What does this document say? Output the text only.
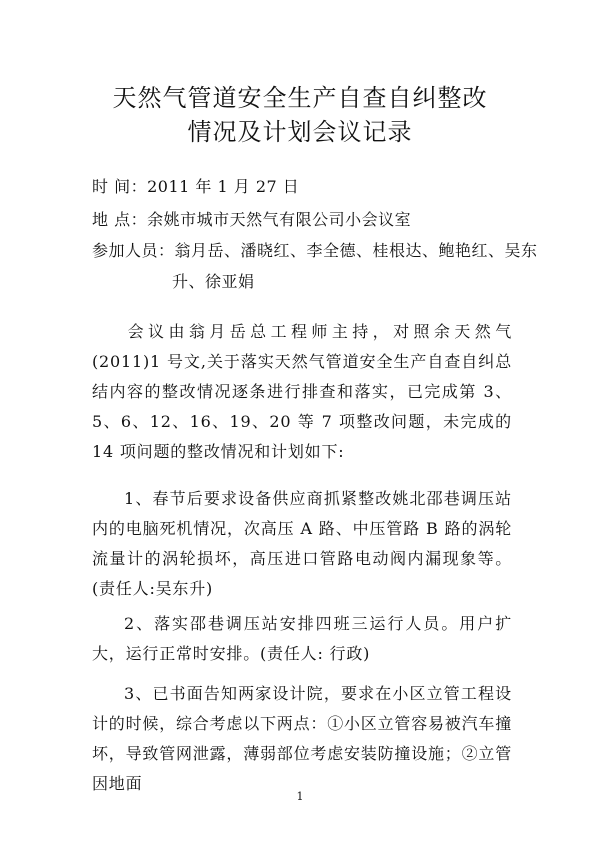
天然气管道安全生产自查自纠整改
情况及计划会议记录
时 间：2011 年 1 月 27 日
地 点：余姚市城市天然气有限公司小会议室
参加人员：翁月岳、潘晓红、李全德、桂根达、鲍艳红、吴东
升、徐亚娟
会议由翁月岳总工程师主持，对照余天然气(2011)1 号文,关于落实天然气管道安全生产自查自纠总结内容的整改情况逐条进行排查和落实，已完成第 3、5、6、12、16、19、20 等 7 项整改问题，未完成的 14 项问题的整改情况和计划如下:
1、春节后要求设备供应商抓紧整改姚北邵巷调压站内的电脑死机情况，次高压 A 路、中压管路 B 路的涡轮流量计的涡轮损坏，高压进口管路电动阀内漏现象等。(责任人:吴东升)
2、落实邵巷调压站安排四班三运行人员。用户扩大，运行正常时安排。(责任人: 行政)
3、已书面告知两家设计院，要求在小区立管工程设计的时候，综合考虑以下两点：①小区立管容易被汽车撞坏，导致管网泄露，薄弱部位考虑安装防撞设施；②立管因地面
1
